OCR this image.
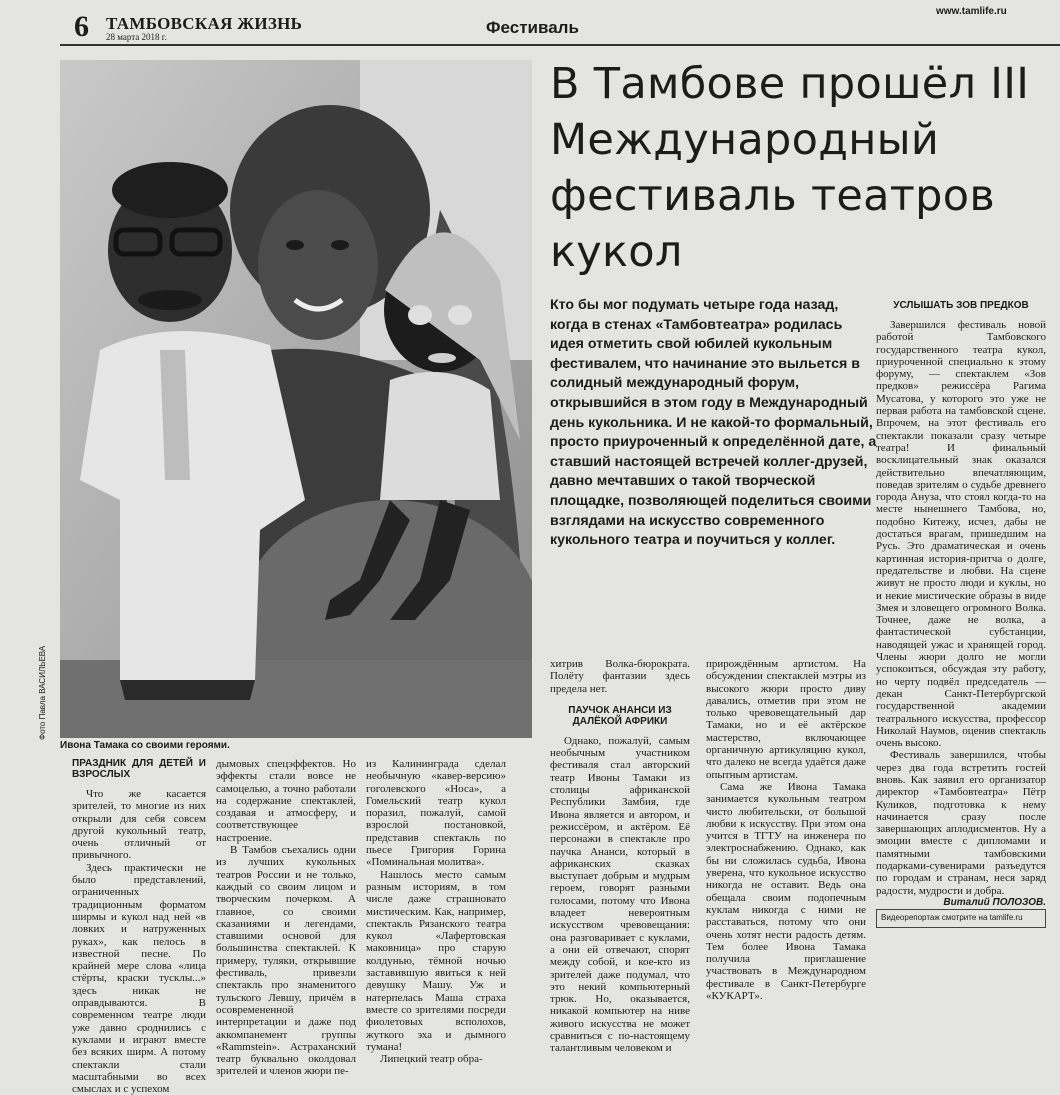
6 ТАМБОВСКАЯ ЖИЗНЬ
28 марта 2018 г.	Фестиваль
www.tamlife.ru
Ивона Тамака со своими героями.
Фото Павла ВАСИЛЬЕВА
В Тамбове прошёл III Международный фестиваль театров кукол
Кто бы мог подумать четыре года назад, когда в стенах «Тамбовтеатра» родилась идея отметить свой юбилей кукольным фестивалем, что начинание это выльется в солидный международный форум, открывшийся в этом году в Международный день кукольника. И не какой-то формальный, просто приуроченный к определённой дате, а ставший настоящей встречей коллег-друзей, давно мечтавших о такой творческой площадке, позволяющей поделиться своими взглядами на искусство современного кукольного театра и поучиться у коллег.
УСЛЫШАТЬ ЗОВ ПРЕДКОВ

Завершился фестиваль новой работой Тамбовского государственного театра кукол, приуроченной специально к этому форуму, — спектаклем «Зов предков» режиссёра Рагима Мусатова, у которого это уже не первая работа на тамбовской сцене. Впрочем, на этот фестиваль его спектакли показали сразу четыре театра! И финальный восклицательный знак оказался действительно впечатляющим, поведав зрителям о судьбе древнего города Ануза, что стоял когда-то на месте нынешнего Тамбова, но, подобно Китежу, исчез, дабы не достаться врагам, пришедшим на Русь. Это драматическая и очень картинная история-притча о долге, предательстве и любви. На сцене живут не просто люди и куклы, но и некие мистические образы в виде Змея и зловещего огромного Волка. Точнее, даже не волка, а фантастической субстанции, наводящей ужас и хранящей город. Члены жюри долго не могли успокоиться, обсуждая эту работу, но черту подвёл председатель — декан Санкт-Петербургской государственной академии театрального искусства, профессор Николай Наумов, оценив спектакль очень высоко.

Фестиваль завершился, чтобы через два года встретить гостей вновь. Как заявил его организатор директор «Тамбовтеатра» Пётр Куликов, подготовка к нему начинается сразу после завершающих аплодисментов. Ну а эмоции вместе с дипломами и памятными тамбовскими подарками-сувенирами разъедутся по городам и странам, неся заряд радости, мудрости и добра.

Виталий ПОЛОЗОВ.
Видеорепортаж смотрите на tamlife.ru
ПРАЗДНИК ДЛЯ ДЕТЕЙ И ВЗРОСЛЫХ

Что же касается зрителей, то многие из них открыли для себя совсем другой кукольный театр, очень отличный от привычного.

Здесь практически не было представлений, ограниченных традиционным форматом ширмы и кукол над ней «в ловких и натруженных руках», как пелось в известной песне. По крайней мере слова «лица стёрты, краски тусклы...» здесь никак не оправдываются. В современном театре люди уже давно сроднились с куклами и играют вместе без всяких ширм. А потому спектакли стали масштабными во всех смыслах и с успехом

дымовых спецэффектов. Но эффекты стали вовсе не самоцелью, а точно работали на содержание спектаклей, создавая и атмосферу, и соответствующее настроение.

В Тамбов съехались одни из лучших кукольных театров России и не только, каждый со своим лицом и творческим почерком. А главное, со своими сказаниями и легендами, ставшими основой для большинства спектаклей. К примеру, туляки, открывшие фестиваль, привезли спектакль про знаменитого тульского Левшу, причём в осовремененной интерпретации и даже под аккомпанемент группы «Rammstein». Астраханский театр буквально околдовал зрителей и членов жюри пе-

из Калининграда сделал необычную «кавер-версию» гоголевского «Носа», а Гомельский театр кукол поразил, пожалуй, самой взрослой постановкой, представив спектакль по пьесе Григория Горина «Поминальная молитва».

Нашлось место самым разным историям, в том числе даже страшновато мистическим. Как, например, спектакль Рязанского театра кукол «Лафертовская маковница» про старую колдунью, тёмной ночью заставившую явиться к ней девушку Машу. Уж и натерпелась Маша страха вместе со зрителями посреди фиолетовых всполохов, жуткого эха и дымного тумана!

Липецкий театр обра-

хитрив Волка-бюрократа. Полёту фантазии здесь предела нет.

ПАУЧОК АНАНСИ ИЗ ДАЛЁКОЙ АФРИКИ

Однако, пожалуй, самым необычным участником фестиваля стал авторский театр Ивоны Тамаки из столицы африканской Республики Замбия, где Ивона является и автором, и режиссёром, и актёром. Её персонажи в спектакле про паучка Ананси, который в африканских сказках выступает добрым и мудрым героем, говорят разными голосами, потому что Ивона владеет невероятным искусством чревовещания: она разговаривает с куклами, а они ей отвечают, спорят между собой, и кое-кто из зрителей даже подумал, что это некий компьютерный трюк. Но, оказывается, никакой компьютер на ниве живого искусства не может сравниться с по-настоящему талантливым человеком и

прирождённым артистом. На обсуждении спектаклей мэтры из высокого жюри просто диву давались, отметив при этом не только чревовещательный дар Тамаки, но и её актёрское мастерство, включающее органичную артикуляцию кукол, что далеко не всегда удаётся даже опытным артистам.

Сама же Ивона Тамака занимается кукольным театром чисто любительски, от большой любви к искусству. При этом она учится в ТГТУ на инженера по электроснабжению. Однако, как бы ни сложилась судьба, Ивона уверена, что кукольное искусство никогда не оставит. Ведь она обещала своим подопечным куклам никогда с ними не расставаться, потому что они очень хотят нести радость детям. Тем более Ивона Тамака получила приглашение участвовать в Международном фестивале в Санкт-Петербурге «КУКАРТ».
